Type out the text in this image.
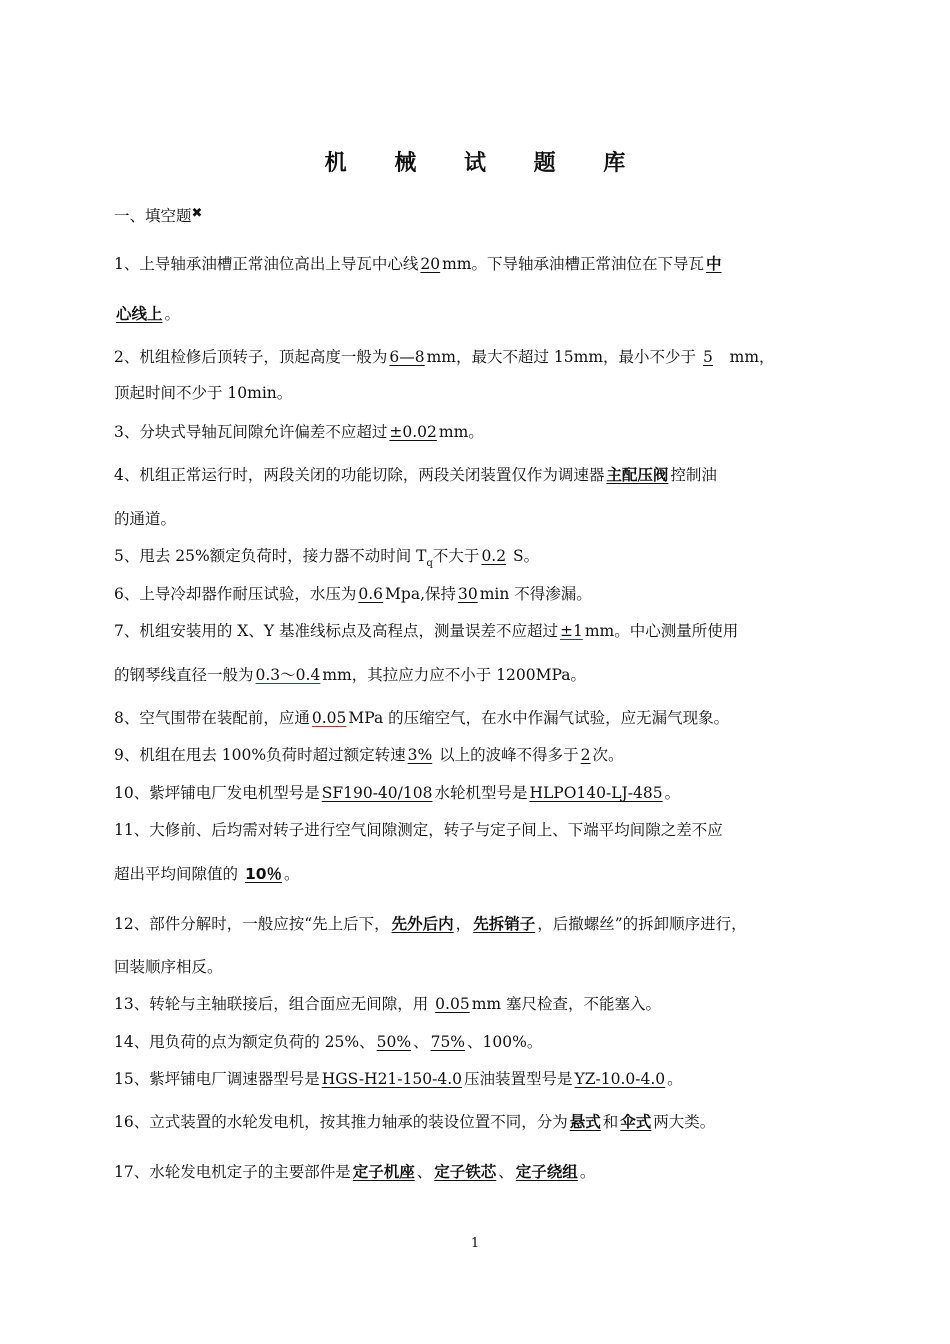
机 械 试 题 库
一、填空题✖
1、上导轴承油槽正常油位高出上导瓦中心线 20 mm。下导轴承油槽正常油位在下导瓦 中
心线上 。
2、机组检修后顶转子，顶起高度一般为 6—8 mm，最大不超过 15mm，最小不少于 5 mm，
顶起时间不少于 10min。
3、分块式导轴瓦间隙允许偏差不应超过 ±0.02 mm。
4、机组正常运行时，两段关闭的功能切除，两段关闭装置仅作为调速器 主配压阀 控制油
的通道。
5、甩去 25%额定负荷时，接力器不动时间 $T_q$不大于 0.2 S。
6、上导冷却器作耐压试验，水压为 0.6 Mpa,保持 30 min 不得渗漏。
7、机组安装用的 X、Y 基准线标点及高程点，测量误差不应超过 ±1 mm。中心测量所使用
的钢琴线直径一般为 0.3～0.4 mm，其拉应力应不小于 1200MPa。
8、空气围带在装配前，应通 0.05 MPa 的压缩空气，在水中作漏气试验，应无漏气现象。
9、机组在甩去 100%负荷时超过额定转速 3% 以上的波峰不得多于 2 次。
10、紫坪铺电厂发电机型号是 SF190-40/108 水轮机型号是 HLPO140-LJ-485 。
11、大修前、后均需对转子进行空气间隙测定，转子与定子间上、下端平均间隙之差不应
超出平均间隙值的 10％ 。
12、部件分解时，一般应按“先上后下， 先外后内 ， 先拆销子 ，后撤螺丝”的拆卸顺序进行，
回装顺序相反。
13、转轮与主轴联接后，组合面应无间隙，用 0.05 mm 塞尺检查，不能塞入。
14、甩负荷的点为额定负荷的 25%、 50% 、 75% 、100%。
15、紫坪铺电厂调速器型号是 HGS-H21-150-4.0 压油装置型号是 YZ-10.0-4.0 。
16、立式装置的水轮发电机，按其推力轴承的装设位置不同，分为 悬式 和 伞式 两大类。
17、水轮发电机定子的主要部件是 定子机座 、 定子铁芯 、 定子绕组 。
1
